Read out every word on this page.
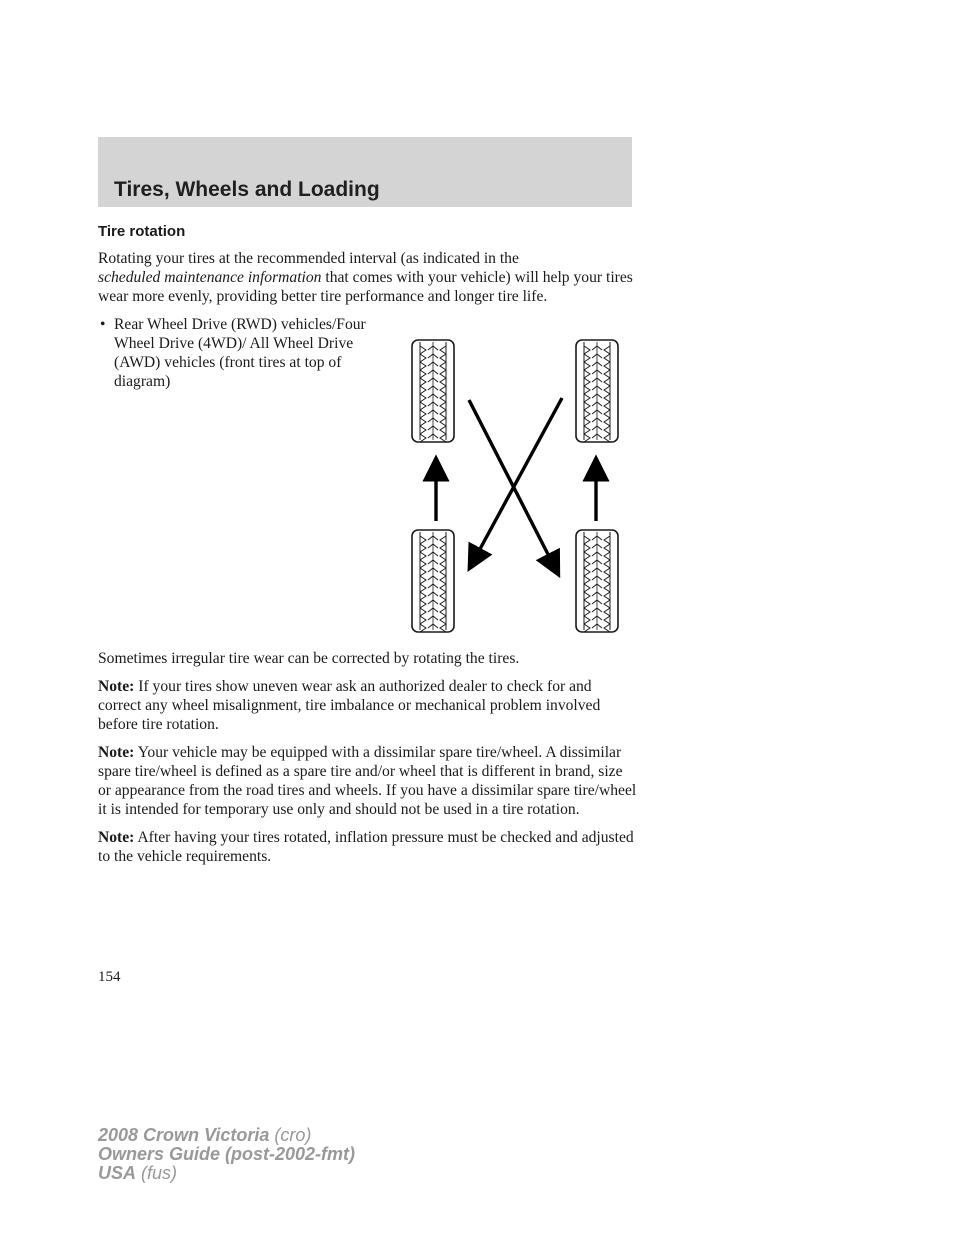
Tires, Wheels and Loading
Tire rotation

Rotating your tires at the recommended interval (as indicated in the
scheduled maintenance information that comes with your vehicle) will help your tires wear more evenly, providing better tire performance and longer tire life.

• Rear Wheel Drive (RWD) vehicles/Four Wheel Drive (4WD)/ All Wheel Drive (AWD) vehicles (front tires at top of diagram)

Sometimes irregular tire wear can be corrected by rotating the tires.

Note: If your tires show uneven wear ask an authorized dealer to check for and correct any wheel misalignment, tire imbalance or mechanical problem involved before tire rotation.

Note: Your vehicle may be equipped with a dissimilar spare tire/wheel. A dissimilar spare tire/wheel is defined as a spare tire and/or wheel that is different in brand, size or appearance from the road tires and wheels. If you have a dissimilar spare tire/wheel it is intended for temporary use only and should not be used in a tire rotation.

Note: After having your tires rotated, inflation pressure must be checked and adjusted to the vehicle requirements.

154
2008 Crown Victoria (cro)
Owners Guide (post-2002-fmt)
USA (fus)
